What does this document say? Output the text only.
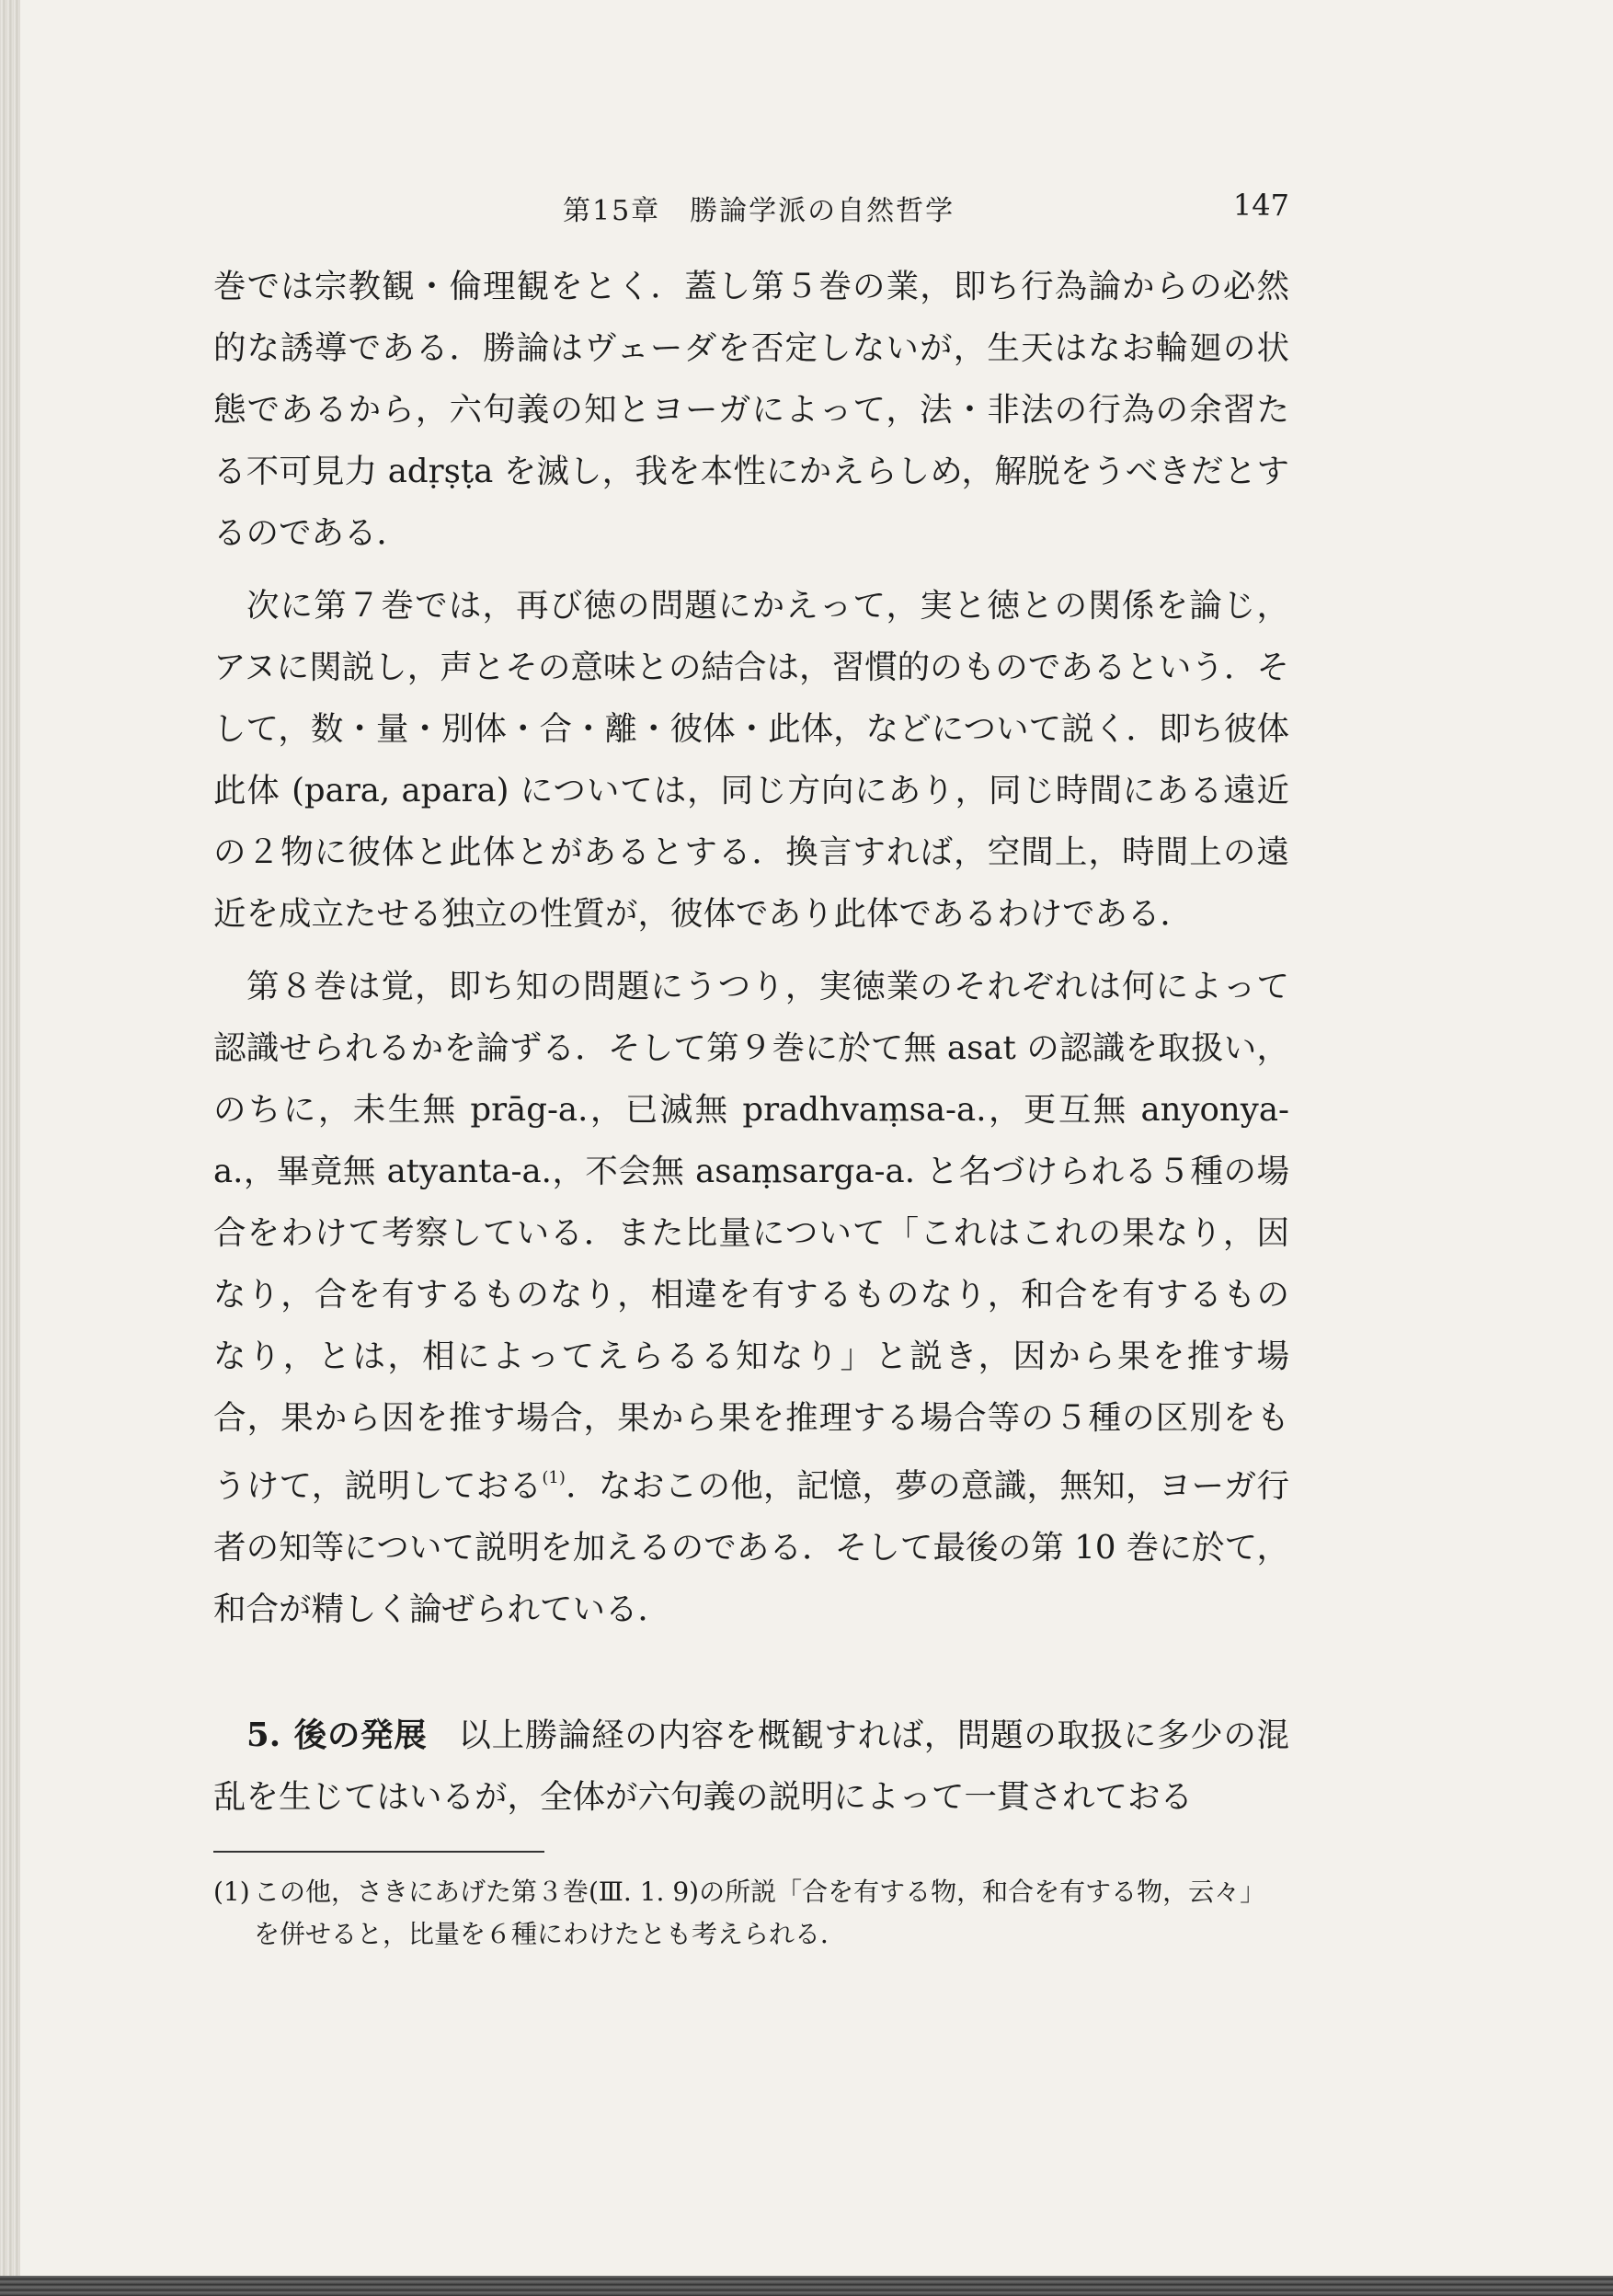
第15章　勝論学派の自然哲学	147
巻では宗教観・倫理観をとく．蓋し第５巻の業，即ち行為論からの必然的な誘導である．勝論はヴェーダを否定しないが，生天はなお輪廻の状態であるから，六句義の知とヨーガによって，法・非法の行為の余習たる不可見力 adṛṣṭa を滅し，我を本性にかえらしめ，解脱をうべきだとするのである．
次に第７巻では，再び徳の問題にかえって，実と徳との関係を論じ，アヌに関説し，声とその意味との結合は，習慣的のものであるという．そして，数・量・別体・合・離・彼体・此体，などについて説く．即ち彼体此体 (para, apara) については，同じ方向にあり，同じ時間にある遠近の２物に彼体と此体とがあるとする．換言すれば，空間上，時間上の遠近を成立たせる独立の性質が，彼体であり此体であるわけである．
第８巻は覚，即ち知の問題にうつり，実徳業のそれぞれは何によって認識せられるかを論ずる．そして第９巻に於て無 asat の認識を取扱い，のちに，未生無 prāg-a.，已滅無 pradhvaṃsa-a.，更互無 anyonya-a.，畢竟無 atyanta-a.，不会無 asaṃsarga-a. と名づけられる５種の場合をわけて考察している．また比量について「これはこれの果なり，因なり，合を有するものなり，相違を有するものなり，和合を有するものなり，とは，相によってえらるる知なり」と説き，因から果を推す場合，果から因を推す場合，果から果を推理する場合等の５種の区別をもうけて，説明しておる$^{(1)}$．なおこの他，記憶，夢の意識，無知，ヨーガ行者の知等について説明を加えるのである．そして最後の第 10 巻に於て，和合が精しく論ぜられている．
5. 後の発展 以上勝論経の内容を概観すれば，問題の取扱に多少の混乱を生じてはいるが，全体が六句義の説明によって一貫されておる
(1) この他，さきにあげた第３巻(Ⅲ. 1. 9)の所説「合を有する物，和合を有する物，云々」を併せると，比量を６種にわけたとも考えられる．
